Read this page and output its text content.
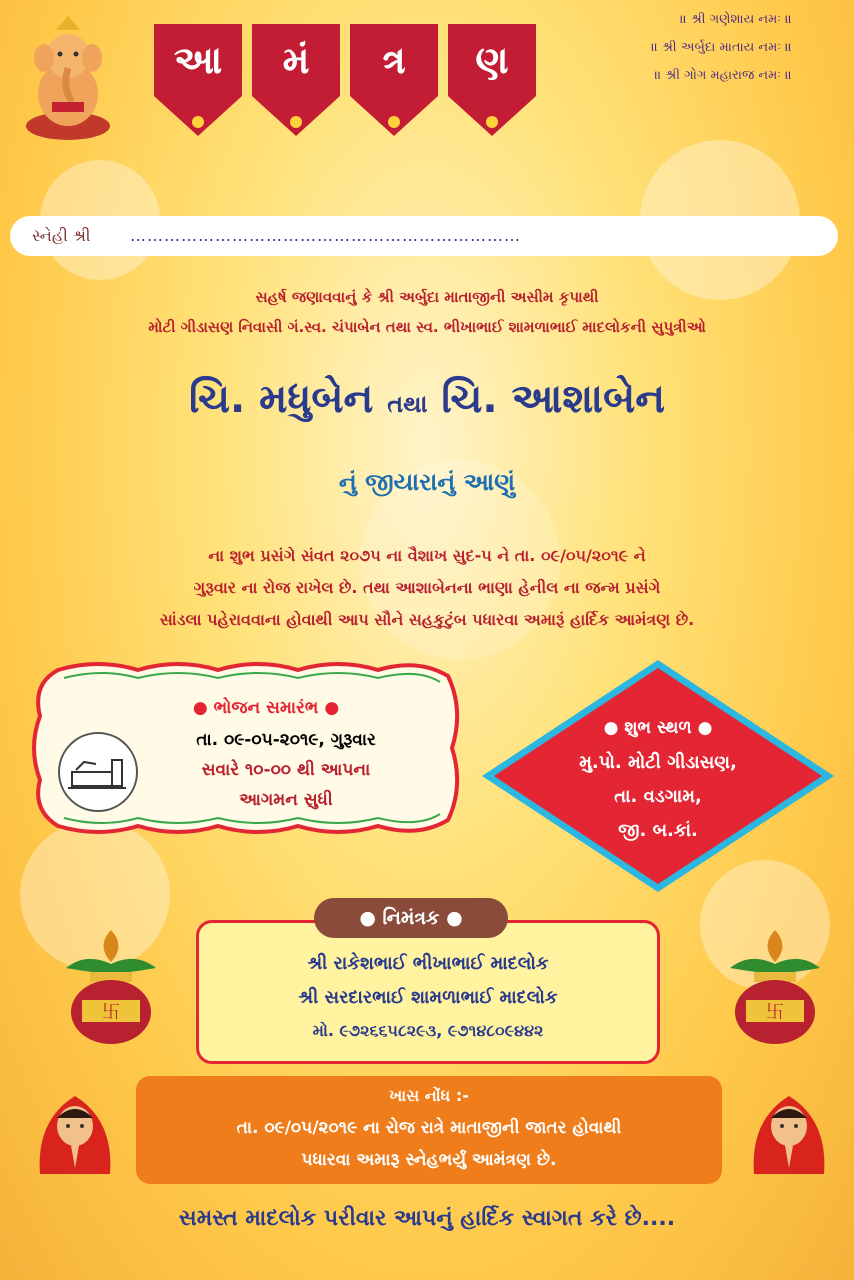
આ	મં	ત્ર	ણ
॥ શ્રી ગણેશાય નમઃ ॥
॥ શ્રી અર્બુદા માતાય નમઃ ॥
॥ શ્રી ગોગ મહારાજ નમઃ ॥
સ્નેહી શ્રી ……………………………………………………………
સહર્ષ જણાવવાનું કે શ્રી અર્બુદા માતાજીની અસીમ કૃપાથી
મોટી ગીડાસણ નિવાસી ગં.સ્વ. ચંપાબેન તથા સ્વ. ભીખાભાઈ શામળાભાઈ માદલોકની સુપુત્રીઓ
ચિ. મધુબેન તથા ચિ. આશાબેન
નું જીયારાનું આણું
ના શુભ પ્રસંગે સંવત ૨૦૭૫ ના વૈશાખ સુદ-૫ ને તા. ૦૯/૦૫/૨૦૧૯ ને
ગુરૂવાર ના રોજ રાખેલ છે. તથા આશાબેનના ભાણા હેનીલ ના જન્મ પ્રસંગે
સાંડલા પહેરાવવાના હોવાથી આપ સૌને સહકુટુંબ પધારવા અમારૂં હાર્દિક આમંત્રણ છે.
● ભોજન સમારંભ ●
તા. ૦૯-૦૫-૨૦૧૯, ગુરૂવાર
સવારે ૧૦-૦૦ થી આપના
આગમન સુધી
● શુભ સ્થળ ●
મુ.પો. મોટી ગીડાસણ,
તા. વડગામ,
જી. બ.કાં.
卐	卐
શ્રી રાકેશભાઈ ભીખાભાઈ માદલોક
શ્રી સરદારભાઈ શામળાભાઈ માદલોક
મો. ૯૭૨૬૬૫૮૨૯૩, ૯૭૧૪૮૦૯૪૪૨
● નિમંત્રક ●
ખાસ નોંધ :-
તા. ૦૯/૦૫/૨૦૧૯ ના રોજ રાત્રે માતાજીની જાતર હોવાથી
પધારવા અમારૂ સ્નેહભર્યું આમંત્રણ છે.
સમસ્ત માદલોક પરીવાર આપનું હાર્દિક સ્વાગત કરે છે....
